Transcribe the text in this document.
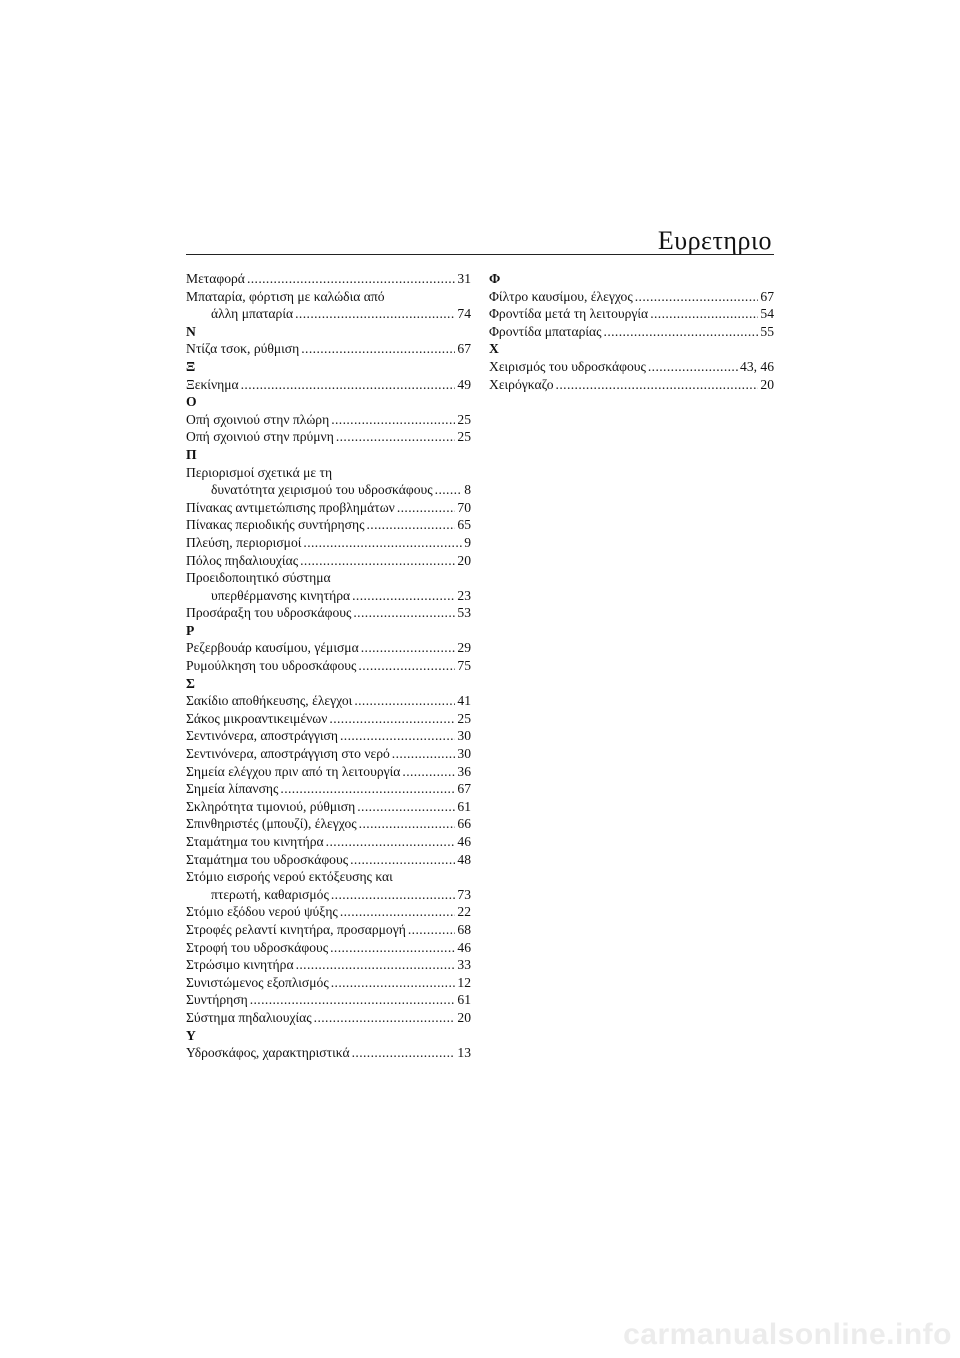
Ευρετηριο
Μεταφορά .....	31
Μπαταρία, φόρτιση με καλώδια από
άλλη μπαταρία .....	74
Ν
Ντίζα τσοκ, ρύθμιση .....	67
Ξ
Ξεκίνημα .....	49
Ο
Οπή σχοινιού στην πλώρη .....	25
Οπή σχοινιού στην πρύμνη .....	25
Π
Περιορισμοί σχετικά με τη
δυνατότητα χειρισμού του υδροσκάφους ..... 8
Πίνακας αντιμετώπισης προβλημάτων .....	70
Πίνακας περιοδικής συντήρησης .....	65
Πλεύση, περιορισμοί .....	9
Πόλος πηδαλιουχίας .....	20
Προειδοποιητικό σύστημα
υπερθέρμανσης κινητήρα .....	23
Προσάραξη του υδροσκάφους .....	53
Ρ
Ρεζερβουάρ καυσίμου, γέμισμα .....	29
Ρυμούλκηση του υδροσκάφους .....	75
Σ
Σακίδιο αποθήκευσης, έλεγχοι .....	41
Σάκος μικροαντικειμένων .....	25
Σεντινόνερα, αποστράγγιση .....	30
Σεντινόνερα, αποστράγγιση στο νερό .....	30
Σημεία ελέγχου πριν από τη λειτουργία .....	36
Σημεία λίπανσης .....	67
Σκληρότητα τιμονιού, ρύθμιση .....	61
Σπινθηριστές (μπουζί), έλεγχος .....	66
Σταμάτημα του κινητήρα .....	46
Σταμάτημα του υδροσκάφους .....	48
Στόμιο εισροής νερού εκτόξευσης και
πτερωτή, καθαρισμός .....	73
Στόμιο εξόδου νερού ψύξης .....	22
Στροφές ρελαντί κινητήρα, προσαρμογή .....	68
Στροφή του υδροσκάφους .....	46
Στρώσιμο κινητήρα .....	33
Συνιστώμενος εξοπλισμός .....	12
Συντήρηση .....	61
Σύστημα πηδαλιουχίας .....	20
Υ
Υδροσκάφος, χαρακτηριστικά .....	13
Φ
Φίλτρο καυσίμου, έλεγχος .....	67
Φροντίδα μετά τη λειτουργία .....	54
Φροντίδα μπαταρίας .....	55
Χ
Χειρισμός του υδροσκάφους .....	43, 46
Χειρόγκαζο .....	20
carmanualsonline.info
